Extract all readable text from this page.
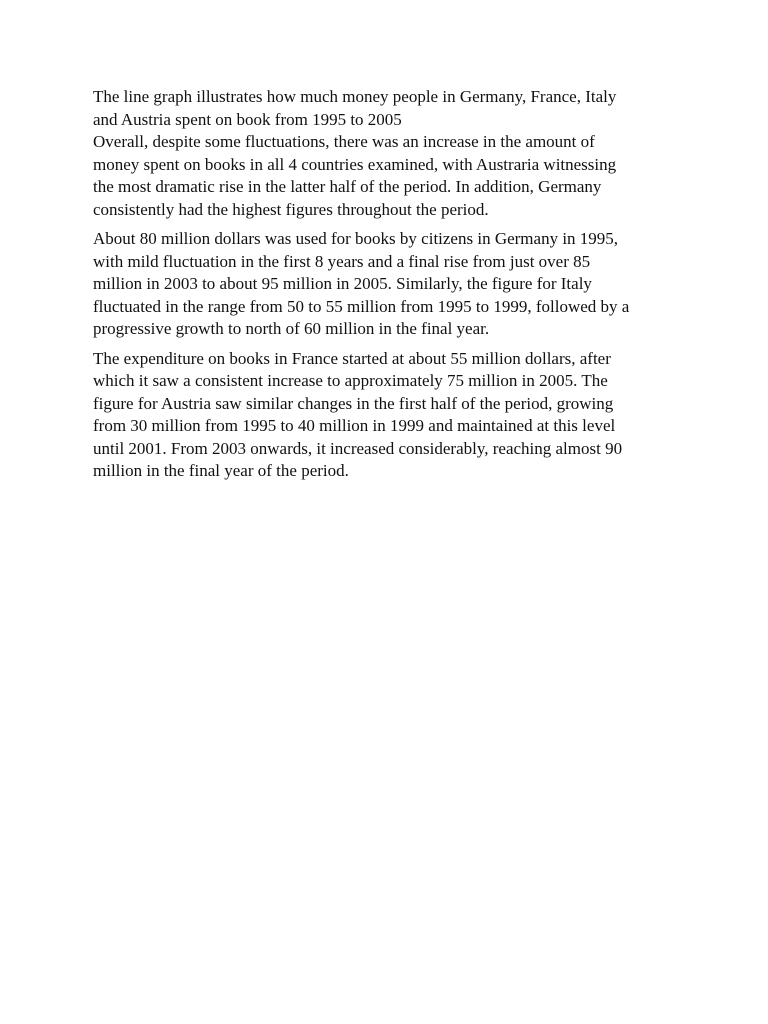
The line graph illustrates how much money people in Germany, France, Italy
and Austria spent on book from 1995 to 2005
Overall, despite some fluctuations, there was an increase in the amount of
money spent on books in all 4 countries examined, with Austraria witnessing
the most dramatic rise in the latter half of the period. In addition, Germany
consistently had the highest figures throughout the period.

About 80 million dollars was used for books by citizens in Germany in 1995,
with mild fluctuation in the first 8 years and a final rise from just over 85
million in 2003 to about 95 million in 2005. Similarly, the figure for Italy
fluctuated in the range from 50 to 55 million from 1995 to 1999, followed by a
progressive growth to north of 60 million in the final year.

The expenditure on books in France started at about 55 million dollars, after
which it saw a consistent increase to approximately 75 million in 2005. The
figure for Austria saw similar changes in the first half of the period, growing
from 30 million from 1995 to 40 million in 1999 and maintained at this level
until 2001. From 2003 onwards, it increased considerably, reaching almost 90
million in the final year of the period.
